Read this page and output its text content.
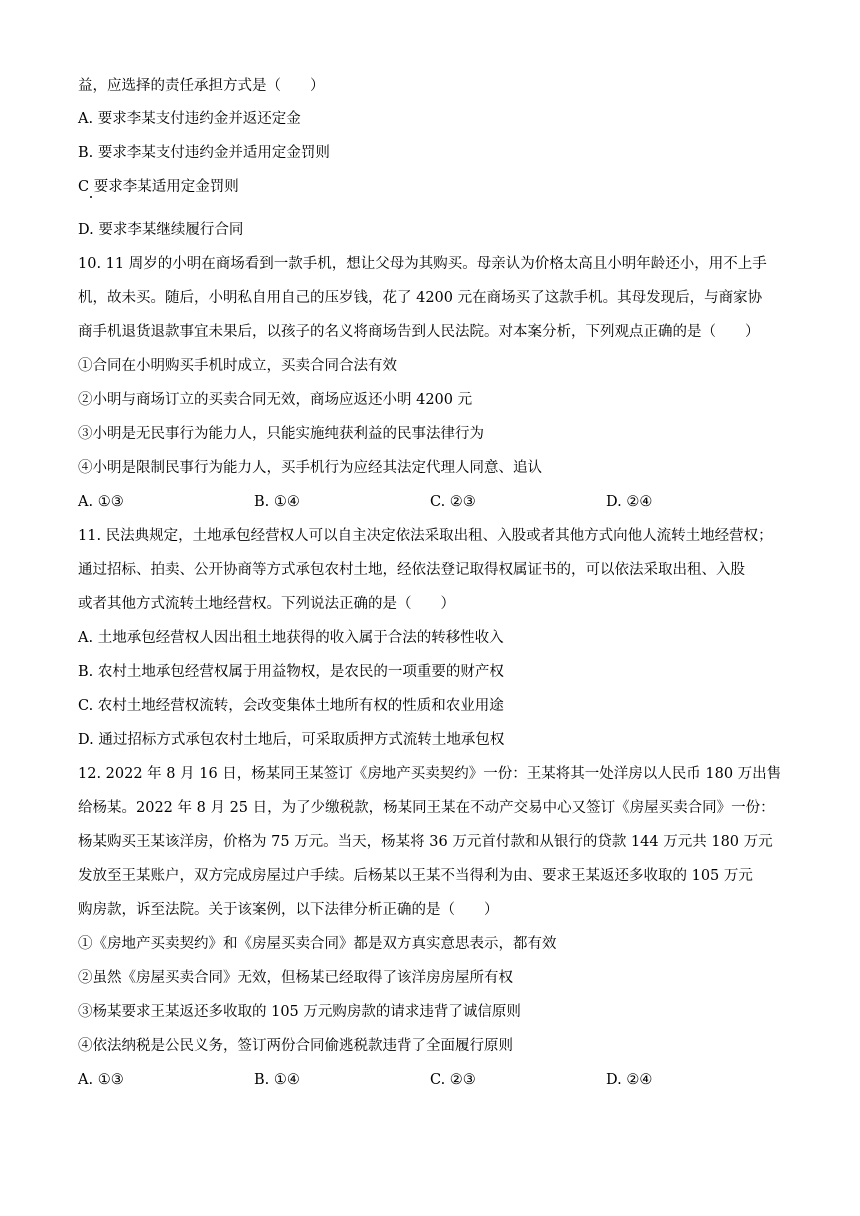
益，应选择的责任承担方式是（　　）
A. 要求李某支付违约金并返还定金
B. 要求李某支付违约金并适用定金罚则
C 要求李某适用定金罚则
D. 要求李某继续履行合同
10. 11 周岁的小明在商场看到一款手机，想让父母为其购买。母亲认为价格太高且小明年龄还小，用不上手
机，故未买。随后，小明私自用自己的压岁钱，花了 4200 元在商场买了这款手机。其母发现后，与商家协
商手机退货退款事宜未果后，以孩子的名义将商场告到人民法院。对本案分析，下列观点正确的是（　　）
①合同在小明购买手机时成立，买卖合同合法有效
②小明与商场订立的买卖合同无效，商场应返还小明 4200 元
③小明是无民事行为能力人，只能实施纯获利益的民事法律行为
④小明是限制民事行为能力人，买手机行为应经其法定代理人同意、追认
A. ①③	B. ①④	C. ②③	D. ②④
11. 民法典规定，土地承包经营权人可以自主决定依法采取出租、入股或者其他方式向他人流转土地经营权；
通过招标、拍卖、公开协商等方式承包农村土地，经依法登记取得权属证书的，可以依法采取出租、入股
或者其他方式流转土地经营权。下列说法正确的是（　　）
A. 土地承包经营权人因出租土地获得的收入属于合法的转移性收入
B. 农村土地承包经营权属于用益物权，是农民的一项重要的财产权
C. 农村土地经营权流转，会改变集体土地所有权的性质和农业用途
D. 通过招标方式承包农村土地后，可采取质押方式流转土地承包权
12. 2022 年 8 月 16 日，杨某同王某签订《房地产买卖契约》一份：王某将其一处洋房以人民币 180 万出售
给杨某。2022 年 8 月 25 日，为了少缴税款，杨某同王某在不动产交易中心又签订《房屋买卖合同》一份：
杨某购买王某该洋房，价格为 75 万元。当天，杨某将 36 万元首付款和从银行的贷款 144 万元共 180 万元
发放至王某账户，双方完成房屋过户手续。后杨某以王某不当得利为由、要求王某返还多收取的 105 万元
购房款，诉至法院。关于该案例，以下法律分析正确的是（　　）
①《房地产买卖契约》和《房屋买卖合同》都是双方真实意思表示，都有效
②虽然《房屋买卖合同》无效，但杨某已经取得了该洋房房屋所有权
③杨某要求王某返还多收取的 105 万元购房款的请求违背了诚信原则
④依法纳税是公民义务，签订两份合同偷逃税款违背了全面履行原则
A. ①③	B. ①④	C. ②③	D. ②④
